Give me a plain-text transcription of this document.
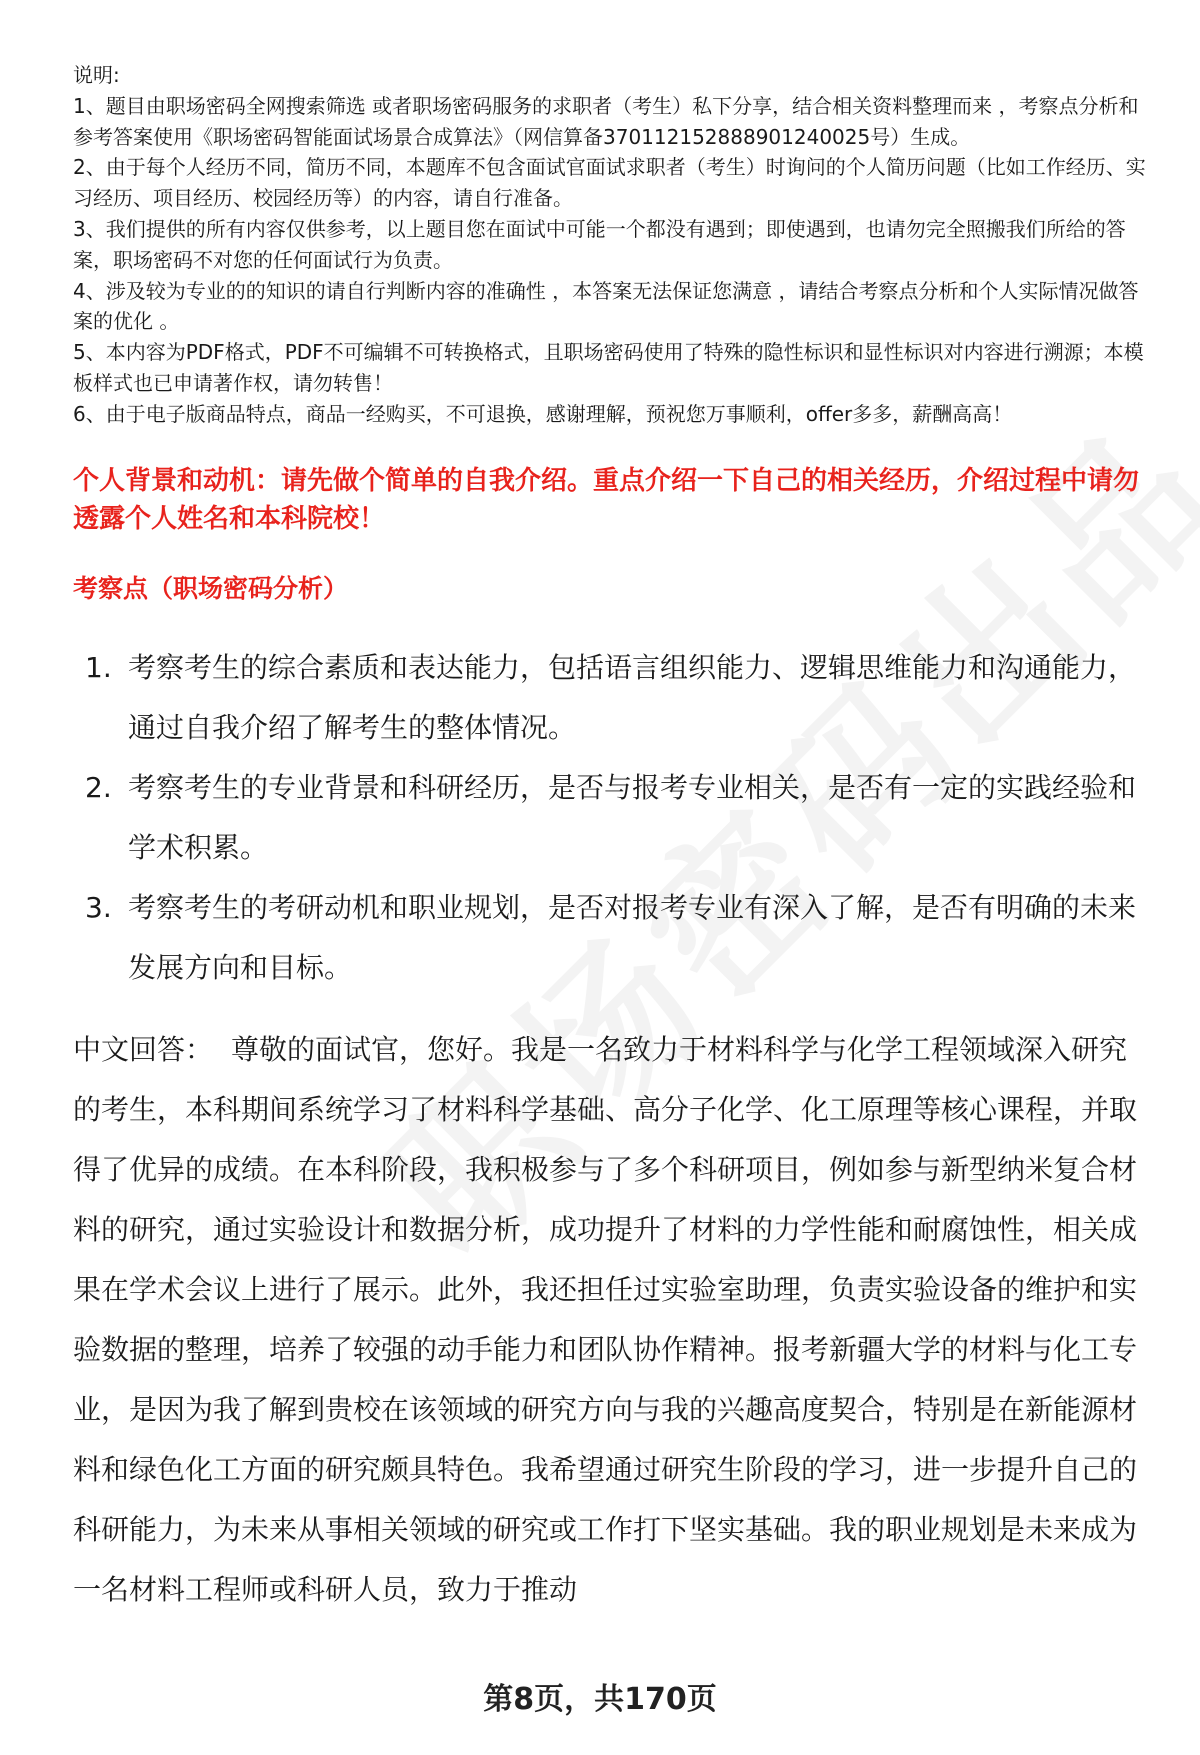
说明:

1、题目由职场密码全网搜索筛选 或者职场密码服务的求职者（考生）私下分享，结合相关资料整理而来 ，考察点分析和参考答案使用《职场密码智能面试场景合成算法》（网信算备370112152888901240025号）生成。

2、由于每个人经历不同，简历不同，本题库不包含面试官面试求职者（考生）时询问的个人简历问题（比如工作经历、实习经历、项目经历、校园经历等）的内容，请自行准备。

3、我们提供的所有内容仅供参考，以上题目您在面试中可能一个都没有遇到；即使遇到，也请勿完全照搬我们所给的答案，职场密码不对您的任何面试行为负责。

4、涉及较为专业的的知识的请自行判断内容的准确性 ，本答案无法保证您满意 ，请结合考察点分析和个人实际情况做答案的优化 。

5、本内容为PDF格式，PDF不可编辑不可转换格式，且职场密码使用了特殊的隐性标识和显性标识对内容进行溯源；本模板样式也已申请著作权，请勿转售！

6、由于电子版商品特点，商品一经购买，不可退换，感谢理解，预祝您万事顺利，offer多多，薪酬高高！

个人背景和动机：请先做个简单的自我介绍。重点介绍一下自己的相关经历，介绍过程中请勿透露个人姓名和本科院校！
考察点（职场密码分析）
1. 考察考生的综合素质和表达能力，包括语言组织能力、逻辑思维能力和沟通能力，通过自我介绍了解考生的整体情况。
2. 考察考生的专业背景和科研经历，是否与报考专业相关，是否有一定的实践经验和学术积累。
3. 考察考生的考研动机和职业规划，是否对报考专业有深入了解，是否有明确的未来发展方向和目标。
中文回答： 尊敬的面试官，您好。我是一名致力于材料科学与化学工程领域深入研究的考生，本科期间系统学习了材料科学基础、高分子化学、化工原理等核心课程，并取得了优异的成绩。在本科阶段，我积极参与了多个科研项目，例如参与新型纳米复合材料的研究，通过实验设计和数据分析，成功提升了材料的力学性能和耐腐蚀性，相关成果在学术会议上进行了展示。此外，我还担任过实验室助理，负责实验设备的维护和实验数据的整理，培养了较强的动手能力和团队协作精神。报考新疆大学的材料与化工专业，是因为我了解到贵校在该领域的研究方向与我的兴趣高度契合，特别是在新能源材料和绿色化工方面的研究颇具特色。我希望通过研究生阶段的学习，进一步提升自己的科研能力，为未来从事相关领域的研究或工作打下坚实基础。我的职业规划是未来成为一名材料工程师或科研人员，致力于推动
第8页，共170页
